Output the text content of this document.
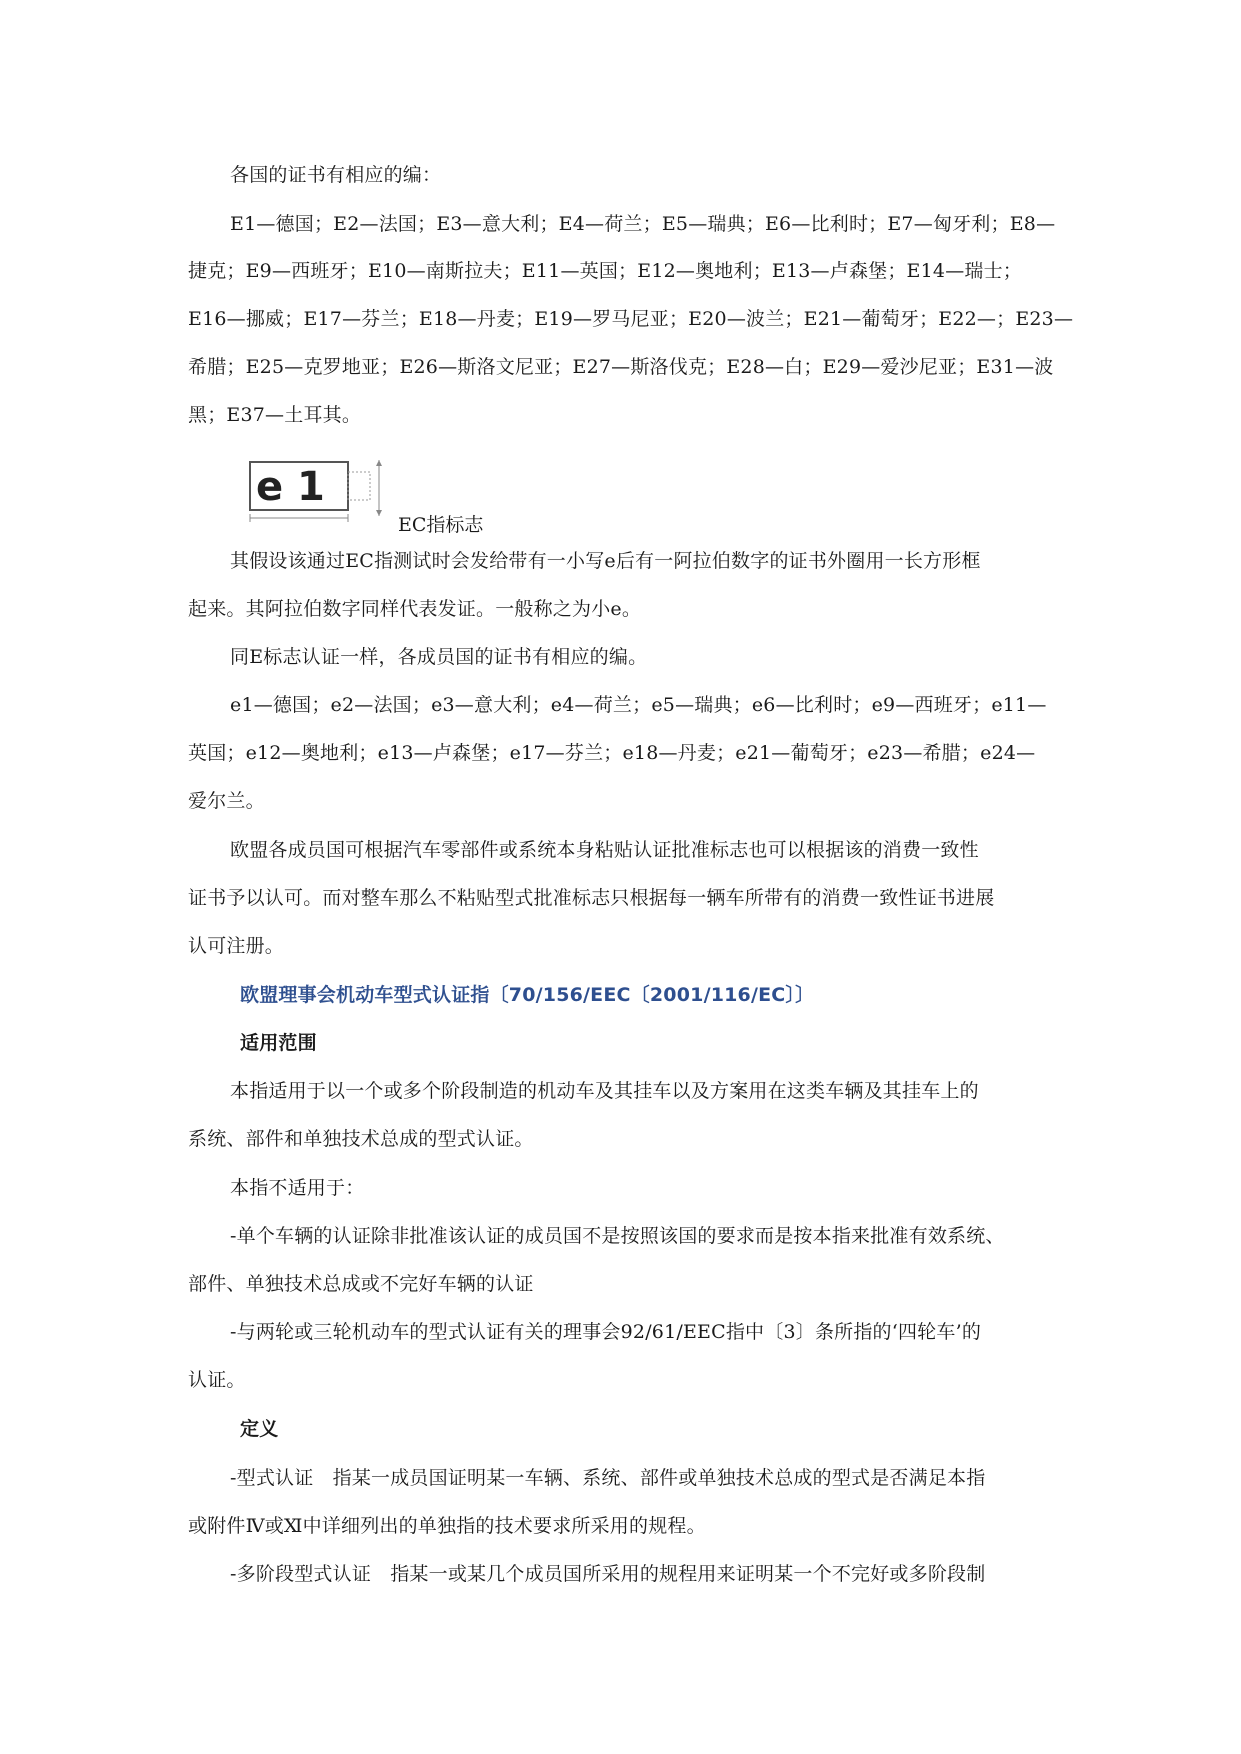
各国的证书有相应的编：
E1—德国；E2—法国；E3—意大利；E4—荷兰；E5—瑞典；E6—比利时；E7—匈牙利；E8—
捷克；E9—西班牙；E10—南斯拉夫；E11—英国；E12—奥地利；E13—卢森堡；E14—瑞士；
E16—挪威；E17—芬兰；E18—丹麦；E19—罗马尼亚；E20—波兰；E21—葡萄牙；E22—；E23—
希腊；E25—克罗地亚；E26—斯洛文尼亚；E27—斯洛伐克；E28—白；E29—爱沙尼亚；E31—波
黑；E37—土耳其。
e 1
EC指标志
其假设该通过EC指测试时会发给带有一小写e后有一阿拉伯数字的证书外圈用一长方形框
起来。其阿拉伯数字同样代表发证。一般称之为小e。
同E标志认证一样，各成员国的证书有相应的编。
e1—德国；e2—法国；e3—意大利；e4—荷兰；e5—瑞典；e6—比利时；e9—西班牙；e11—
英国；e12—奥地利；e13—卢森堡；e17—芬兰；e18—丹麦；e21—葡萄牙；e23—希腊；e24—
爱尔兰。
欧盟各成员国可根据汽车零部件或系统本身粘贴认证批准标志也可以根据该的消费一致性
证书予以认可。而对整车那么不粘贴型式批准标志只根据每一辆车所带有的消费一致性证书进展
认可注册。
欧盟理事会机动车型式认证指〔70/156/EEC〔2001/116/EC〕〕
适用范围
本指适用于以一个或多个阶段制造的机动车及其挂车以及方案用在这类车辆及其挂车上的
系统、部件和单独技术总成的型式认证。
本指不适用于：
-单个车辆的认证除非批准该认证的成员国不是按照该国的要求而是按本指来批准有效系统、
部件、单独技术总成或不完好车辆的认证
-与两轮或三轮机动车的型式认证有关的理事会92/61/EEC指中〔3〕条所指的‘四轮车’的
认证。
定义
-型式认证　指某一成员国证明某一车辆、系统、部件或单独技术总成的型式是否满足本指
或附件Ⅳ或Ⅺ中详细列出的单独指的技术要求所采用的规程。
-多阶段型式认证　指某一或某几个成员国所采用的规程用来证明某一个不完好或多阶段制
